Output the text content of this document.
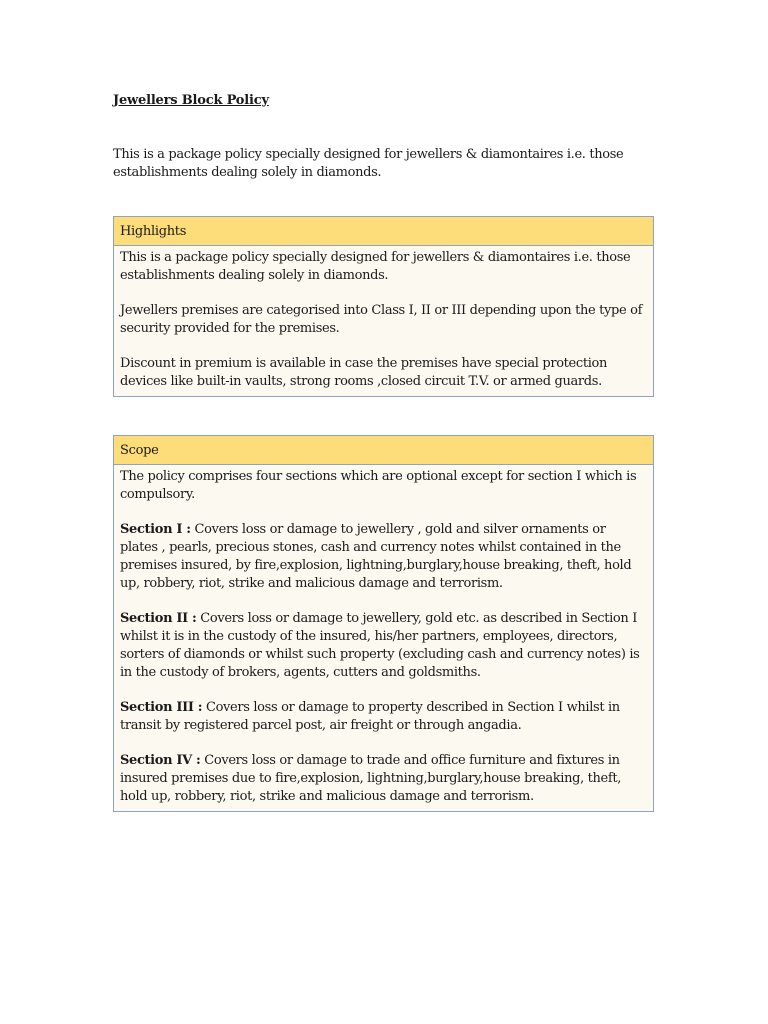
Jewellers Block Policy
This is a package policy specially designed for jewellers & diamontaires i.e. those establishments dealing solely in diamonds.
Highlights

This is a package policy specially designed for jewellers & diamontaires i.e. those establishments dealing solely in diamonds.

Jewellers premises are categorised into Class I, II or III depending upon the type of security provided for the premises.

Discount in premium is available in case the premises have special protection devices like built-in vaults, strong rooms ,closed circuit T.V. or armed guards.

Scope

The policy comprises four sections which are optional except for section I which is compulsory.

Section I : Covers loss or damage to jewellery , gold and silver ornaments or plates , pearls, precious stones, cash and currency notes whilst contained in the premises insured, by fire,explosion, lightning,burglary,house breaking, theft, hold up, robbery, riot, strike and malicious damage and terrorism.

Section II : Covers loss or damage to jewellery, gold etc. as described in Section I whilst it is in the custody of the insured, his/her partners, employees, directors, sorters of diamonds or whilst such property (excluding cash and currency notes) is in the custody of brokers, agents, cutters and goldsmiths.

Section III : Covers loss or damage to property described in Section I whilst in transit by registered parcel post, air freight or through angadia.

Section IV : Covers loss or damage to trade and office furniture and fixtures in insured premises due to fire,explosion, lightning,burglary,house breaking, theft, hold up, robbery, riot, strike and malicious damage and terrorism.
